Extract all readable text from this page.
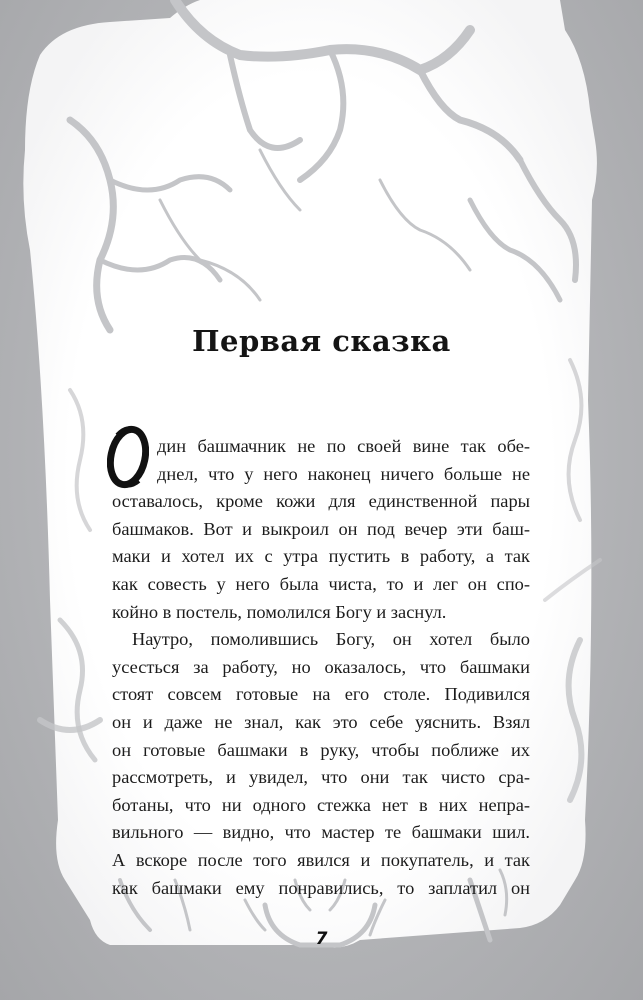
Первая сказка
дин башмачник не по своей вине так обе-
днел, что у него наконец ничего больше не
оставалось, кроме кожи для единственной пары
башмаков. Вот и выкроил он под вечер эти баш-
маки и хотел их с утра пустить в работу, а так
как совесть у него была чиста, то и лег он спо-
койно в постель, помолился Богу и заснул.
Наутро, помолившись Богу, он хотел было
усесться за работу, но оказалось, что башмаки
стоят совсем готовые на его столе. Подивился
он и даже не знал, как это себе уяснить. Взял
он готовые башмаки в руку, чтобы поближе их
рассмотреть, и увидел, что они так чисто сра-
ботаны, что ни одного стежка нет в них непра-
вильного — видно, что мастер те башмаки шил.
А вскоре после того явился и покупатель, и так
как башмаки ему понравились, то заплатил он
7
